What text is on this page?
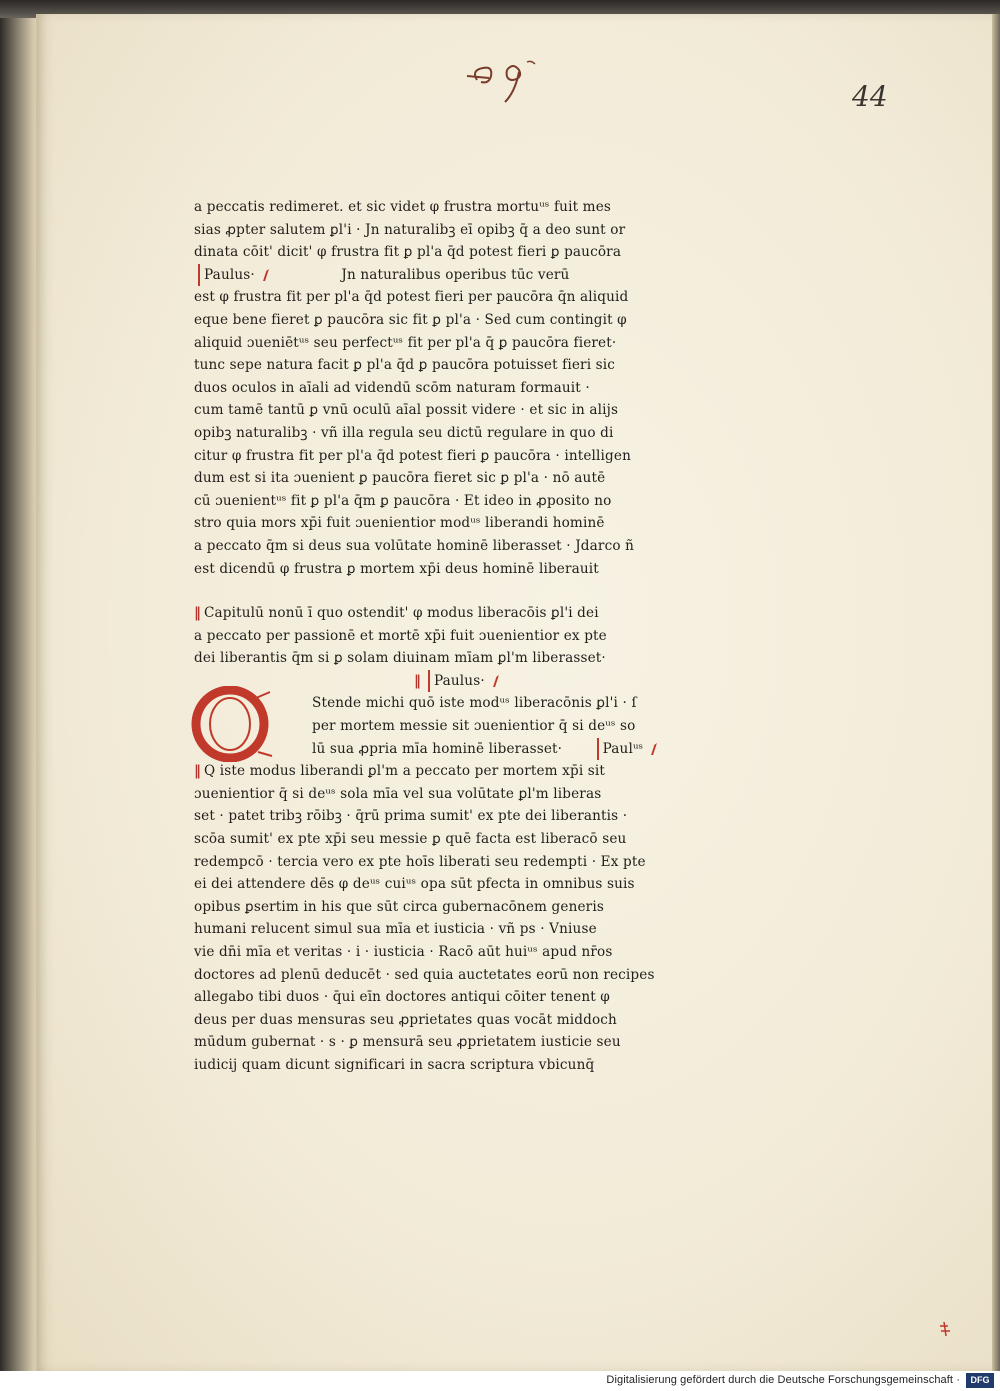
44
a peccatis redimeret. et sic videt φ frustra mortuᵘˢ fuit mes
sias ꝓpter salutem ꝑl'i · Jn naturalibꝫ eī opibꝫ q̄ a deo sunt or
dinata cōit' dicit' φ frustra fit ꝑ pl'a q̄d potest fieri ꝑ paucōra
Paulus·	Jn naturalibus operibus tūc verū
est φ frustra fit per pl'a q̄d potest fieri per paucōra q̄n aliquid
eque bene fieret ꝑ paucōra sic fit ꝑ pl'a · Sed cum contingit φ
aliquid ɔueniētᵘˢ seu perfectᵘˢ fit per pl'a q̄ ꝑ paucōra fieret·
tunc sepe natura facit ꝑ pl'a q̄d ꝑ paucōra potuisset fieri sic
duos oculos in aīali ad videndū scōm naturam formauit ·
cum tamē tantū ꝑ vnū oculū aīal possit videre · et sic in alijs
opibꝫ naturalibꝫ · vñ illa regula seu dictū regulare in quo di
citur φ frustra fit per pl'a q̄d potest fieri ꝑ paucōra · intelligen
dum est si ita ɔuenient ꝑ paucōra fieret sic ꝑ pl'a · nō autē
cū ɔuenientᵘˢ fit ꝑ pl'a q̄m ꝑ paucōra · Et ideo in ꝓposito no
stro quia mors xp̄i fuit ɔuenientior modᵘˢ liberandi hominē
a peccato q̄m si deus sua volūtate hominē liberasset · Jdarco ñ
est dicendū φ frustra ꝑ mortem xp̄i deus hominē liberauit
‖ Capitulū nonū ī quo ostendit' φ modus liberacōis ꝑl'i dei
a peccato per passionē et mortē xp̄i fuit ɔuenientior ex pte
dei liberantis q̄m si ꝑ solam diuinam mīam ꝑl'm liberasset·
‖ Paulus·
Stende michi quō iste modᵘˢ liberacōnis ꝑl'i · ſ
per mortem messie sit ɔuenientior q̄ si deᵘˢ so
lū sua ꝓpria mīa hominē liberasset·	Paulᵘˢ
‖ Q iste modus liberandi ꝑl'm a peccato per mortem xp̄i sit
ɔuenientior q̄ si deᵘˢ sola mīa vel sua volūtate ꝑl'm liberas
set · patet tribꝫ rōibꝫ · q̄rū prima sumit' ex pte dei liberantis ·
scōa sumit' ex pte xp̄i seu messie ꝑ quē facta est liberacō seu
redempcō · tercia vero ex pte hoīs liberati seu redempti · Ex pte
ei dei attendere dēs φ deᵘˢ cuiᵘˢ opa sūt pfecta in omnibus suis
opibus ꝑsertim in his que sūt circa gubernacōnem generis
humani relucent simul sua mīa et iusticia · vñ ps · Vniuse
vie dn̄i mīa et veritas · i · iusticia · Racō aūt huiᵘˢ apud nr̄os
doctores ad plenū deducēt · sed quia auctetates eorū non recipes
allegabo tibi duos · q̄ui eīn doctores antiqui cōiter tenent φ
deus per duas mensuras seu ꝓprietates quas vocāt middoch
mūdum gubernat · s · ꝑ mensurā seu ꝓprietatem iusticie seu
iudicij quam dicunt significari in sacra scriptura vbicunq̄
Digitalisierung gefördert durch die Deutsche Forschungsgemeinschaft ·	DFG
